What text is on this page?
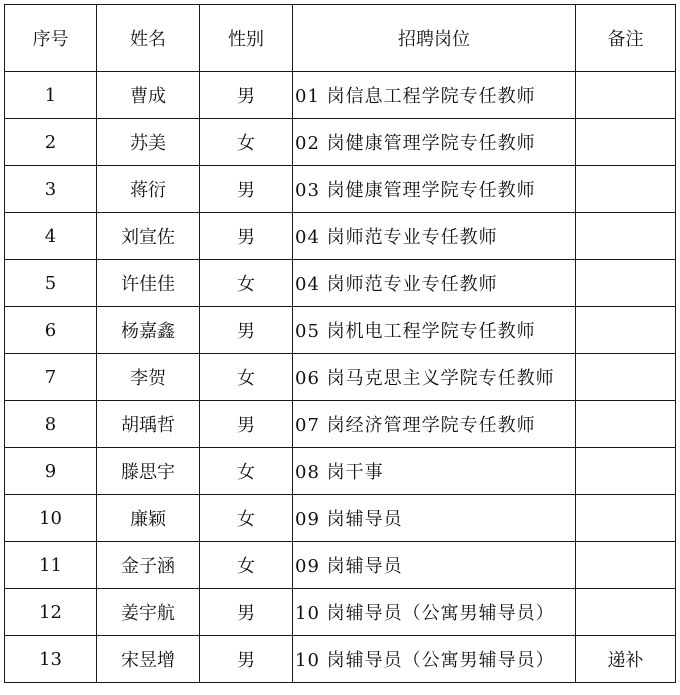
序号	姓名	性别	招聘岗位	备注
1	曹成	男	01 岗信息工程学院专任教师	
2	苏美	女	02 岗健康管理学院专任教师	
3	蒋衍	男	03 岗健康管理学院专任教师	
4	刘宣佐	男	04 岗师范专业专任教师	
5	许佳佳	女	04 岗师范专业专任教师	
6	杨嘉鑫	男	05 岗机电工程学院专任教师	
7	李贺	女	06 岗马克思主义学院专任教师	
8	胡瑀哲	男	07 岗经济管理学院专任教师	
9	滕思宇	女	08 岗干事	
10	廉颖	女	09 岗辅导员	
11	金子涵	女	09 岗辅导员	
12	姜宇航	男	10 岗辅导员（公寓男辅导员）	
13	宋昱增	男	10 岗辅导员（公寓男辅导员）	递补
